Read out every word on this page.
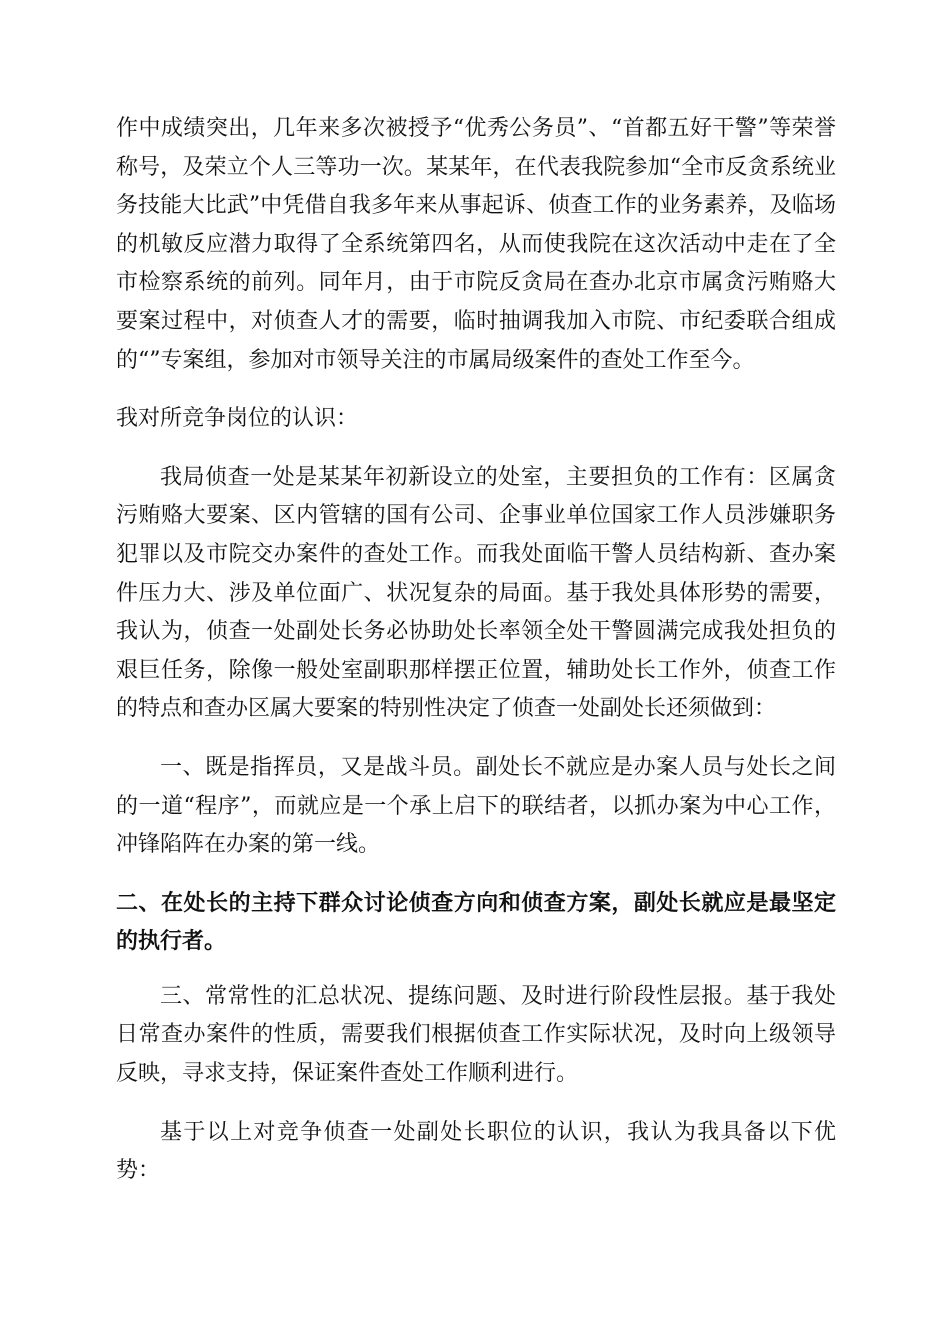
作中成绩突出，几年来多次被授予“优秀公务员”、“首都五好干警”等荣誉称号，及荣立个人三等功一次。某某年，在代表我院参加“全市反贪系统业务技能大比武”中凭借自我多年来从事起诉、侦查工作的业务素养，及临场的机敏反应潜力取得了全系统第四名，从而使我院在这次活动中走在了全市检察系统的前列。同年月，由于市院反贪局在查办北京市属贪污贿赂大要案过程中，对侦查人才的需要，临时抽调我加入市院、市纪委联合组成的“”专案组，参加对市领导关注的市属局级案件的查处工作至今。

我对所竞争岗位的认识：

我局侦查一处是某某年初新设立的处室，主要担负的工作有：区属贪污贿赂大要案、区内管辖的国有公司、企事业单位国家工作人员涉嫌职务犯罪以及市院交办案件的查处工作。而我处面临干警人员结构新、查办案件压力大、涉及单位面广、状况复杂的局面。基于我处具体形势的需要，我认为，侦查一处副处长务必协助处长率领全处干警圆满完成我处担负的艰巨任务，除像一般处室副职那样摆正位置，辅助处长工作外，侦查工作的特点和查办区属大要案的特别性决定了侦查一处副处长还须做到：

一、既是指挥员，又是战斗员。副处长不就应是办案人员与处长之间的一道“程序”，而就应是一个承上启下的联结者，以抓办案为中心工作，冲锋陷阵在办案的第一线。

二、在处长的主持下群众讨论侦查方向和侦查方案，副处长就应是最坚定的执行者。

三、常常性的汇总状况、提练问题、及时进行阶段性层报。基于我处日常查办案件的性质，需要我们根据侦查工作实际状况，及时向上级领导反映，寻求支持，保证案件查处工作顺利进行。

基于以上对竞争侦查一处副处长职位的认识，我认为我具备以下优势：
